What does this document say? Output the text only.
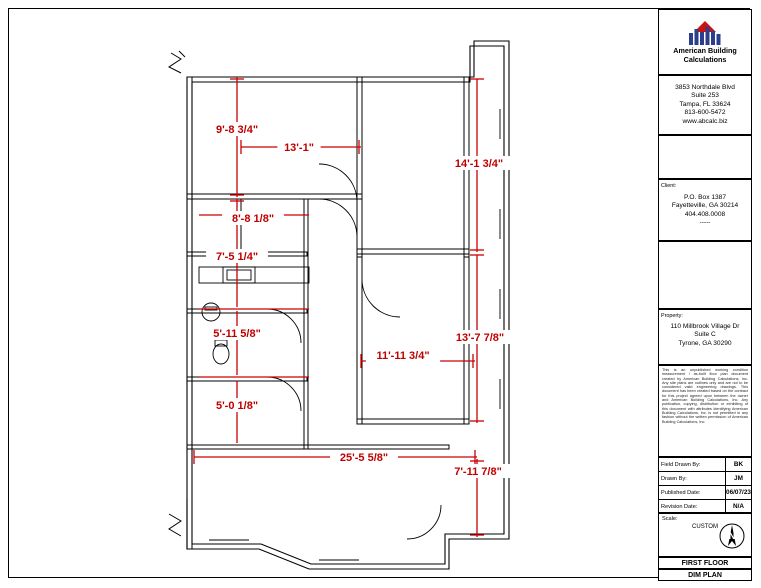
9'-8 3/4"
13'-1"
8'-8 1/8"
7'-5 1/4"
5'-11 5/8"
5'-0 1/8"
25'-5 5/8"
14'-1 3/4"
13'-7 7/8"
11'-11 3/4"
7'-11 7/8"
American Building
Calculations
3853 Northdale Blvd
Suite 253
Tampa, FL 33624
813-600-5472
www.abcalc.biz
Client:
P.O. Box 1387
Fayetteville, GA 30214
404.408.0008
-----
Property:
110 Millbrook Village Dr
Suite C
Tyrone, GA 30290
This is an unpublished working condition measurement / as-built floor plan document created by American Building Calculations, Inc. Any site plans are outlines only and are not to be considered valid engineering drawings. This document has been created based on the contract for this project agreed upon between the owner and American Building Calculations, Inc. Any publication, copying, distribution or exhibiting of this document with attributes identifying American Building Calculations, Inc. is not permitted in any fashion without the written permission of American Building Calculations, Inc.
Field Drawn By:	BK
Drawn By:	JM
Published Date:	06/07/23
Revision Date:	N/A
Scale:
CUSTOM
N
FIRST FLOOR
DIM PLAN
